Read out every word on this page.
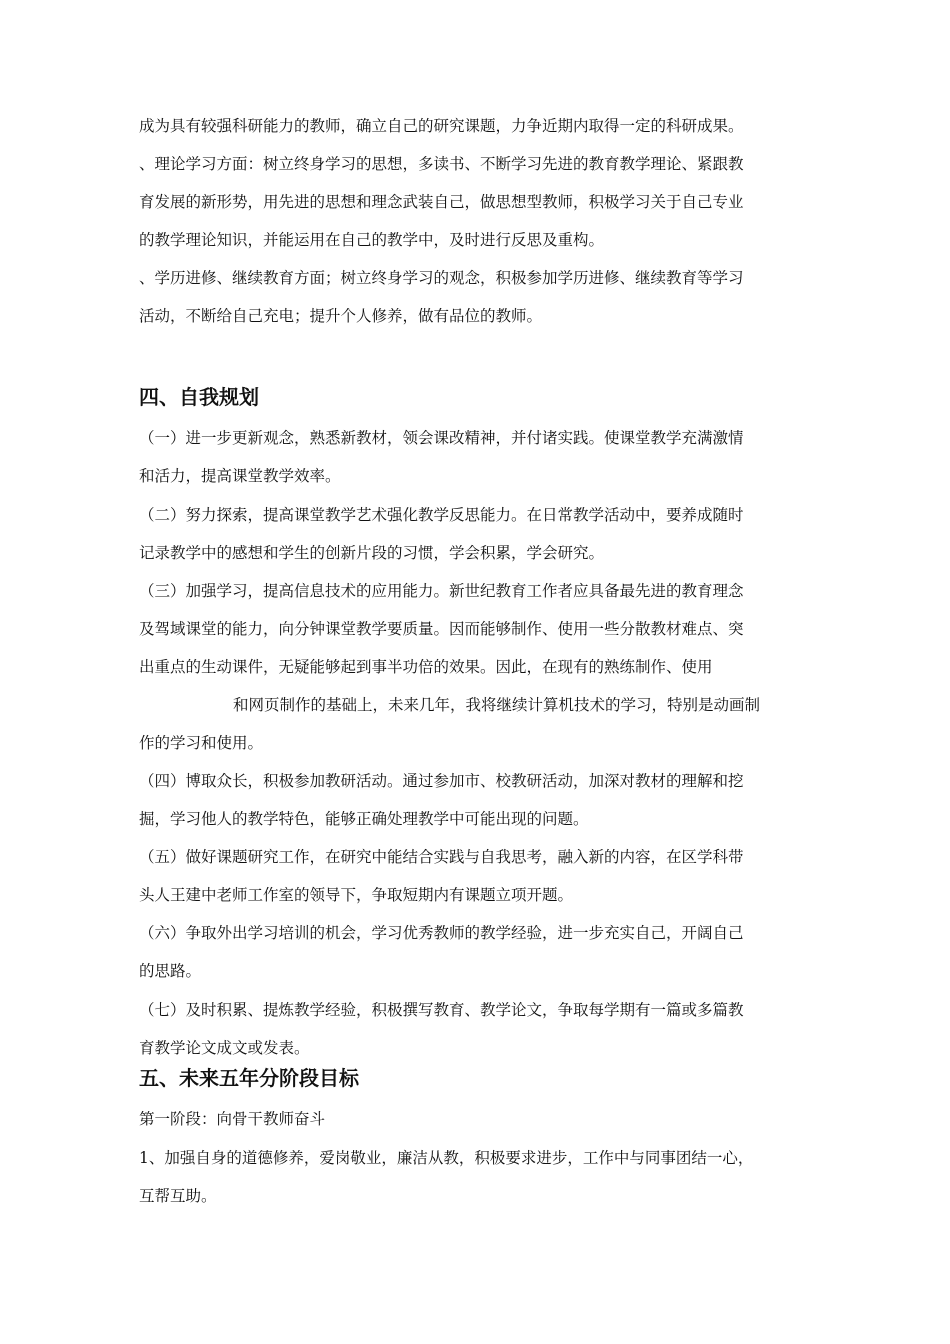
成为具有较强科研能力的教师，确立自己的研究课题，力争近期内取得一定的科研成果。
、理论学习方面：树立终身学习的思想，多读书、不断学习先进的教育教学理论、紧跟教
育发展的新形势，用先进的思想和理念武装自己，做思想型教师，积极学习关于自己专业
的教学理论知识，并能运用在自己的教学中，及时进行反思及重构。
、学历进修、继续教育方面；树立终身学习的观念，积极参加学历进修、继续教育等学习
活动，不断给自己充电；提升个人修养，做有品位的教师。
四、自我规划
（一）进一步更新观念，熟悉新教材，领会课改精神，并付诸实践。使课堂教学充满激情
和活力，提高课堂教学效率。
（二）努力探索，提高课堂教学艺术强化教学反思能力。在日常教学活动中，要养成随时
记录教学中的感想和学生的创新片段的习惯，学会积累，学会研究。
（三）加强学习，提高信息技术的应用能力。新世纪教育工作者应具备最先进的教育理念
及驾域课堂的能力，向分钟课堂教学要质量。因而能够制作、使用一些分散教材难点、突
出重点的生动课件，无疑能够起到事半功倍的效果。因此，在现有的熟练制作、使用
和网页制作的基础上，未来几年，我将继续计算机技术的学习，特别是动画制
作的学习和使用。
（四）博取众长，积极参加教研活动。通过参加市、校教研活动，加深对教材的理解和挖
掘，学习他人的教学特色，能够正确处理教学中可能出现的问题。
（五）做好课题研究工作，在研究中能结合实践与自我思考，融入新的内容，在区学科带
头人王建中老师工作室的领导下，争取短期内有课题立项开题。
（六）争取外出学习培训的机会，学习优秀教师的教学经验，进一步充实自己，开阔自己
的思路。
（七）及时积累、提炼教学经验，积极撰写教育、教学论文，争取每学期有一篇或多篇教
育教学论文成文或发表。
五、未来五年分阶段目标
第一阶段：向骨干教师奋斗
1、加强自身的道德修养，爱岗敬业，廉洁从教，积极要求进步，工作中与同事团结一心，
互帮互助。
